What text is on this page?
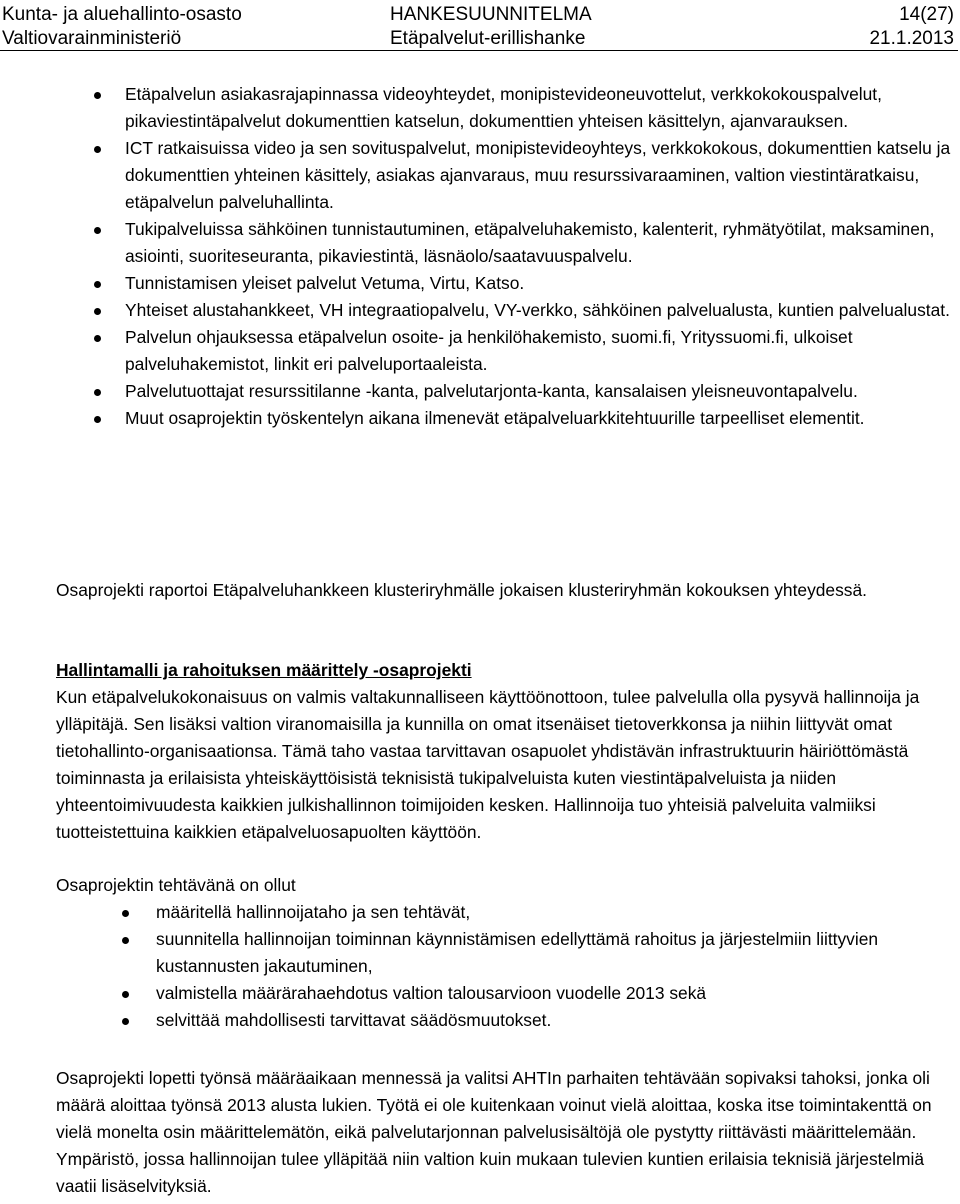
Kunta- ja aluehallinto-osasto	HANKESUUNNITELMA	14(27)
Valtiovarainministeriö	Etäpalvelut-erillishanke	21.1.2013
Etäpalvelun asiakasrajapinnassa videoyhteydet, monipistevideoneuvottelut, verkkokokouspalvelut, pikaviestintäpalvelut dokumenttien katselun, dokumenttien yhteisen käsittelyn, ajanvarauksen.
ICT ratkaisuissa video ja sen sovituspalvelut, monipistevideoyhteys, verkkokokous, dokumenttien katselu ja dokumenttien yhteinen käsittely, asiakas ajanvaraus, muu resurssivaraaminen, valtion viestintäratkaisu, etäpalvelun palveluhallinta.
Tukipalveluissa sähköinen tunnistautuminen, etäpalveluhakemisto, kalenterit, ryhmätyötilat, maksaminen, asiointi, suoriteseuranta, pikaviestintä, läsnäolo/saatavuuspalvelu.
Tunnistamisen yleiset palvelut Vetuma, Virtu, Katso.
Yhteiset alustahankkeet, VH integraatiopalvelu, VY-verkko, sähköinen palvelualusta, kuntien palvelualustat.
Palvelun ohjauksessa etäpalvelun osoite- ja henkilöhakemisto, suomi.fi, Yrityssuomi.fi, ulkoiset palveluhakemistot, linkit eri palveluportaaleista.
Palvelutuottajat resurssitilanne -kanta, palvelutarjonta-kanta, kansalaisen yleisneuvontapalvelu.
Muut osaprojektin työskentelyn aikana ilmenevät etäpalveluarkkitehtuurille tarpeelliset elementit.

Osaprojekti raportoi Etäpalveluhankkeen klusteriryhmälle jokaisen klusteriryhmän kokouksen yhteydessä.

Hallintamalli ja rahoituksen määrittely -osaprojekti

Kun etäpalvelukokonaisuus on valmis valtakunnalliseen käyttöönottoon, tulee palvelulla olla pysyvä hallinnoija ja ylläpitäjä. Sen lisäksi valtion viranomaisilla ja kunnilla on omat itsenäiset tietoverkkonsa ja niihin liittyvät omat tietohallinto-organisaationsa. Tämä taho vastaa tarvittavan osapuolet yhdistävän infrastruktuurin häiriöttömästä toiminnasta ja erilaisista yhteiskäyttöisistä teknisistä tukipalveluista kuten viestintäpalveluista ja niiden yhteentoimivuudesta kaikkien julkishallinnon toimijoiden kesken. Hallinnoija tuo yhteisiä palveluita valmiiksi tuotteistettuina kaikkien etäpalveluosapuolten käyttöön.

Osaprojektin tehtävänä on ollut

määritellä hallinnoijataho ja sen tehtävät,
suunnitella hallinnoijan toiminnan käynnistämisen edellyttämä rahoitus ja järjestelmiin liittyvien kustannusten jakautuminen,
valmistella määrärahaehdotus valtion talousarvioon vuodelle 2013 sekä
selvittää mahdollisesti tarvittavat säädösmuutokset.

Osaprojekti lopetti työnsä määräaikaan mennessä ja valitsi AHTIn parhaiten tehtävään sopivaksi tahoksi, jonka oli määrä aloittaa työnsä 2013 alusta lukien. Työtä ei ole kuitenkaan voinut vielä aloittaa, koska itse toimintakenttä on vielä monelta osin määrittelemätön, eikä palvelutarjonnan palvelusisältöjä ole pystytty riittävästi määrittelemään. Ympäristö, jossa hallinnoijan tulee ylläpitää niin valtion kuin mukaan tulevien kuntien erilaisia teknisiä järjestelmiä vaatii lisäselvityksiä.
